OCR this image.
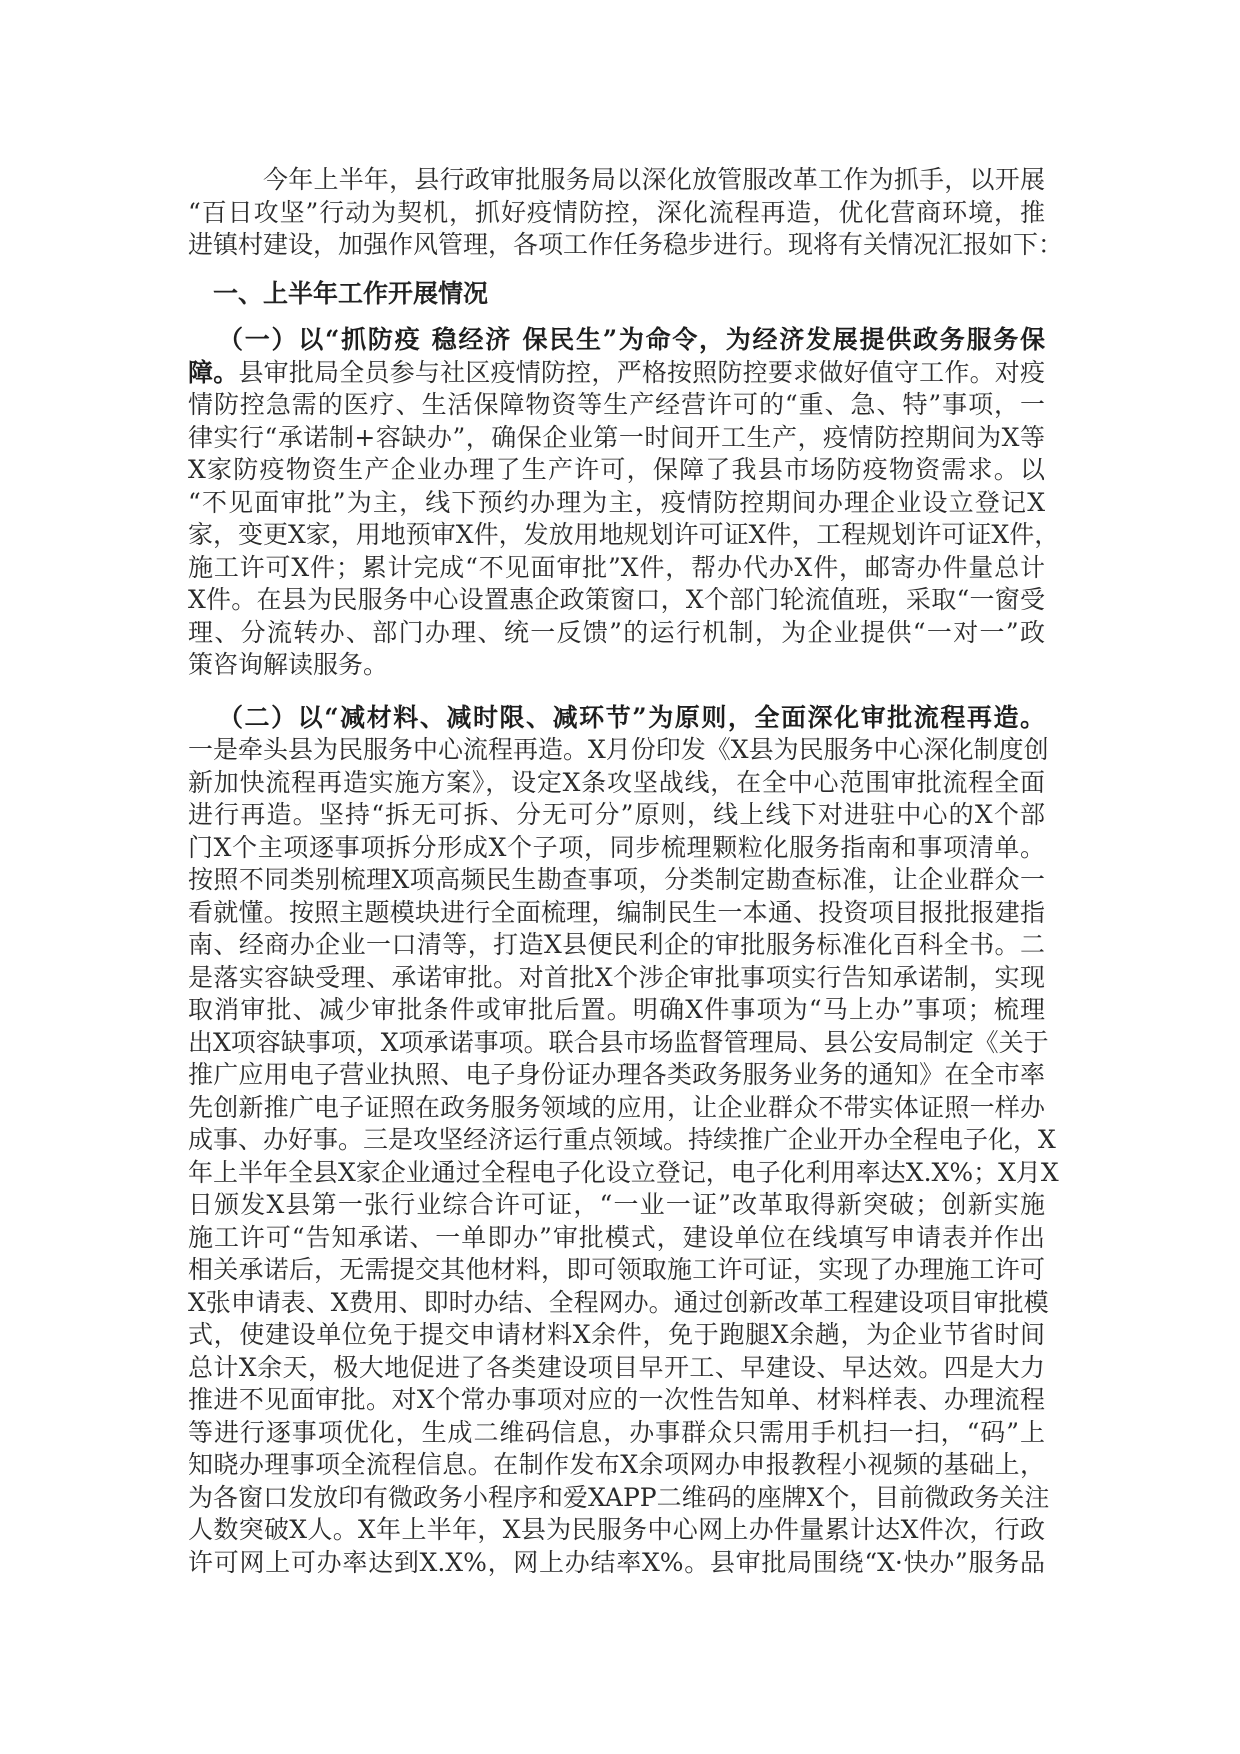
今年上半年，县行政审批服务局以深化放管服改革工作为抓手，以开展
“百日攻坚”行动为契机，抓好疫情防控，深化流程再造，优化营商环境，推
进镇村建设，加强作风管理，各项工作任务稳步进行。现将有关情况汇报如下：
一、上半年工作开展情况
（一）以“抓防疫 稳经济 保民生”为命令，为经济发展提供政务服务保
障。县审批局全员参与社区疫情防控，严格按照防控要求做好值守工作。对疫
情防控急需的医疗、生活保障物资等生产经营许可的“重、急、特”事项，一
律实行“承诺制+容缺办”，确保企业第一时间开工生产，疫情防控期间为X等
X家防疫物资生产企业办理了生产许可，保障了我县市场防疫物资需求。以
“不见面审批”为主，线下预约办理为主，疫情防控期间办理企业设立登记X
家，变更X家，用地预审X件，发放用地规划许可证X件，工程规划许可证X件，
施工许可X件；累计完成“不见面审批”X件，帮办代办X件，邮寄办件量总计
X件。在县为民服务中心设置惠企政策窗口，X个部门轮流值班，采取“一窗受
理、分流转办、部门办理、统一反馈”的运行机制，为企业提供“一对一”政
策咨询解读服务。
（二）以“减材料、减时限、减环节”为原则，全面深化审批流程再造。
一是牵头县为民服务中心流程再造。X月份印发《X县为民服务中心深化制度创
新加快流程再造实施方案》，设定X条攻坚战线，在全中心范围审批流程全面
进行再造。坚持“拆无可拆、分无可分”原则，线上线下对进驻中心的X个部
门X个主项逐事项拆分形成X个子项，同步梳理颗粒化服务指南和事项清单。
按照不同类别梳理X项高频民生勘查事项，分类制定勘查标准，让企业群众一
看就懂。按照主题模块进行全面梳理，编制民生一本通、投资项目报批报建指
南、经商办企业一口清等，打造X县便民利企的审批服务标准化百科全书。二
是落实容缺受理、承诺审批。对首批X个涉企审批事项实行告知承诺制，实现
取消审批、减少审批条件或审批后置。明确X件事项为“马上办”事项；梳理
出X项容缺事项，X项承诺事项。联合县市场监督管理局、县公安局制定《关于
推广应用电子营业执照、电子身份证办理各类政务服务业务的通知》在全市率
先创新推广电子证照在政务服务领域的应用，让企业群众不带实体证照一样办
成事、办好事。三是攻坚经济运行重点领域。持续推广企业开办全程电子化，X
年上半年全县X家企业通过全程电子化设立登记，电子化利用率达X.X%；X月X
日颁发X县第一张行业综合许可证，“一业一证”改革取得新突破；创新实施
施工许可“告知承诺、一单即办”审批模式，建设单位在线填写申请表并作出
相关承诺后，无需提交其他材料，即可领取施工许可证，实现了办理施工许可
X张申请表、X费用、即时办结、全程网办。通过创新改革工程建设项目审批模
式，使建设单位免于提交申请材料X余件，免于跑腿X余趟，为企业节省时间
总计X余天，极大地促进了各类建设项目早开工、早建设、早达效。四是大力
推进不见面审批。对X个常办事项对应的一次性告知单、材料样表、办理流程
等进行逐事项优化，生成二维码信息，办事群众只需用手机扫一扫，“码”上
知晓办理事项全流程信息。在制作发布X余项网办申报教程小视频的基础上，
为各窗口发放印有微政务小程序和爱XAPP二维码的座牌X个，目前微政务关注
人数突破X人。X年上半年，X县为民服务中心网上办件量累计达X件次，行政
许可网上可办率达到X.X%，网上办结率X%。县审批局围绕“X·快办”服务品
